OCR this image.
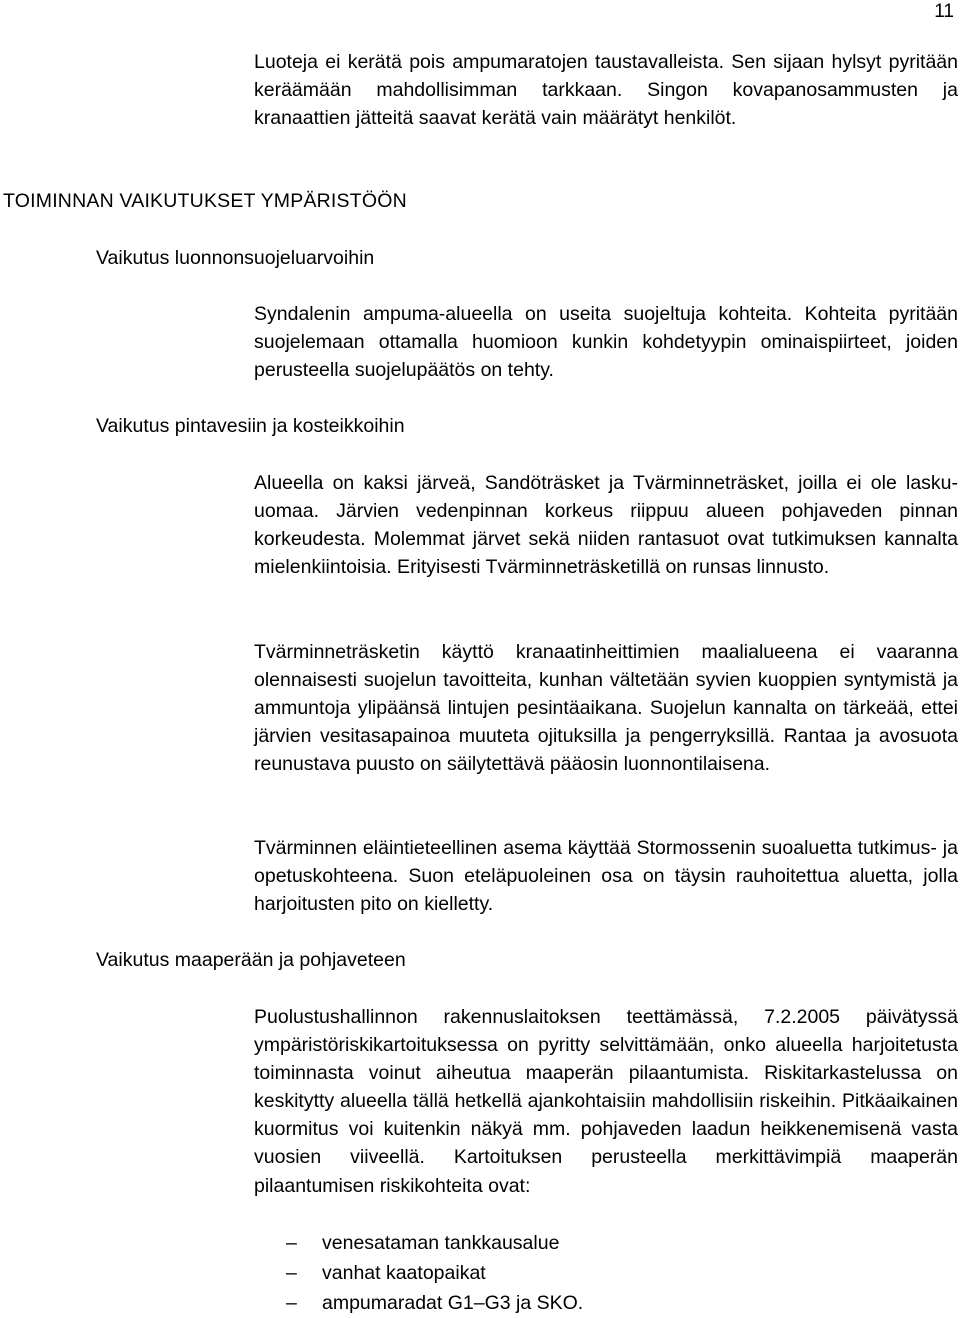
11

Luoteja ei kerätä pois ampumaratojen taustavalleista. Sen sijaan hylsyt pyritään keräämään mahdollisimman tarkkaan. Singon kovapanosammusten ja kranaattien jätteitä saavat kerätä vain määrätyt henkilöt.

TOIMINNAN VAIKUTUKSET YMPÄRISTÖÖN
Vaikutus luonnonsuojeluarvoihin

Syndalenin ampuma-alueella on useita suojeltuja kohteita. Kohteita pyritään suojelemaan ottamalla huomioon kunkin kohdetyypin ominaispiirteet, joiden perusteella suojelupäätös on tehty.

Vaikutus pintavesiin ja kosteikkoihin

Alueella on kaksi järveä, Sandöträsket ja Tvärminneträsket, joilla ei ole lasku-uomaa. Järvien vedenpinnan korkeus riippuu alueen pohjaveden pinnan korkeudesta. Molemmat järvet sekä niiden rantasuot ovat tutkimuksen kannalta mielenkiintoisia. Erityisesti Tvärminneträsketillä on runsas linnusto.

Tvärminneträsketin käyttö kranaatinheittimien maalialueena ei vaaranna olennaisesti suojelun tavoitteita, kunhan vältetään syvien kuoppien syntymistä ja ammuntoja ylipäänsä lintujen pesintäaikana. Suojelun kannalta on tärkeää, ettei järvien vesitasapainoa muuteta ojituksilla ja pengerryksillä. Rantaa ja avosuota reunustava puusto on säilytettävä pääosin luonnontilaisena.

Tvärminnen eläintieteellinen asema käyttää Stormossenin suoaluetta tutkimus- ja opetuskohteena. Suon eteläpuoleinen osa on täysin rauhoitettua aluetta, jolla harjoitusten pito on kielletty.

Vaikutus maaperään ja pohjaveteen

Puolustushallinnon rakennuslaitoksen teettämässä, 7.2.2005 päivätyssä ympäristöriskikartoituksessa on pyritty selvittämään, onko alueella harjoitetusta toiminnasta voinut aiheutua maaperän pilaantumista. Riskitarkastelussa on keskitytty alueella tällä hetkellä ajankohtaisiin mahdollisiin riskeihin. Pitkäaikainen kuormitus voi kuitenkin näkyä mm. pohjaveden laadun heikkenemisenä vasta vuosien viiveellä. Kartoituksen perusteella merkittävimpiä maaperän pilaantumisen riskikohteita ovat:

– venesataman tankkausalue
– vanhat kaatopaikat
– ampumaradat G1–G3 ja SKO.
